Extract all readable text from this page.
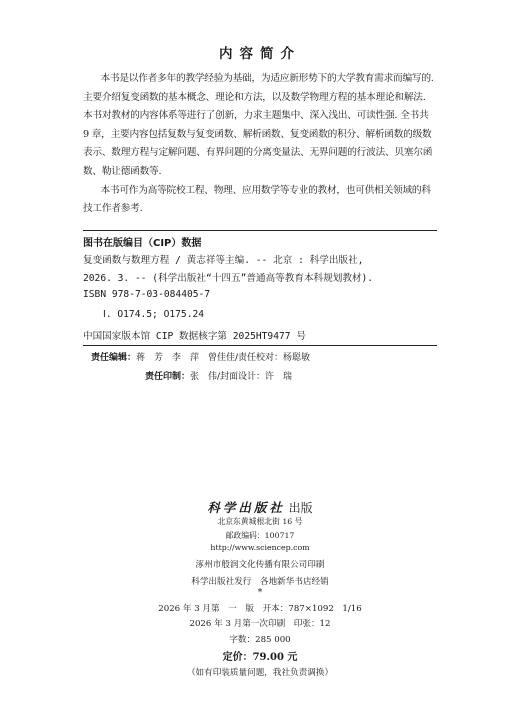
内容简介

本书是以作者多年的教学经验为基础，为适应新形势下的大学教育需求而编写的. 主要介绍复变函数的基本概念、理论和方法，以及数学物理方程的基本理论和解法. 本书对教材的内容体系等进行了创新，力求主题集中、深入浅出、可读性强. 全书共 9 章，主要内容包括复数与复变函数、解析函数、复变函数的积分、解析函数的级数表示、数理方程与定解问题、有界问题的分离变量法、无界问题的行波法、贝塞尔函数、勒让德函数等.

本书可作为高等院校工程、物理、应用数学等专业的教材，也可供相关领域的科技工作者参考.

图书在版编目（CIP）数据
复变函数与数理方程 / 黄志祥等主编. -- 北京 : 科学出版社,
2026. 3. -- (科学出版社“十四五”普通高等教育本科规划教材).
ISBN 978-7-03-084405-7
Ⅰ. O174.5; O175.24
中国国家版本馆 CIP 数据核字第 2025HT9477 号
责任编辑：蒋　芳　李　萍　曾佳佳/责任校对：杨聪敏
责任印制：张　伟/封面设计：许　瑞
科学出版社 出版
北京东黄城根北街 16 号
邮政编码：100717
http://www.sciencep.com
涿州市般润文化传播有限公司印刷
科学出版社发行　各地新华书店经销
*
2026 年 3 月第　一　版　开本：787×1092　1/16
2026 年 3 月第一次印刷　印张：12
字数：285 000
定价：79.00 元
（如有印装质量问题，我社负责调换）
